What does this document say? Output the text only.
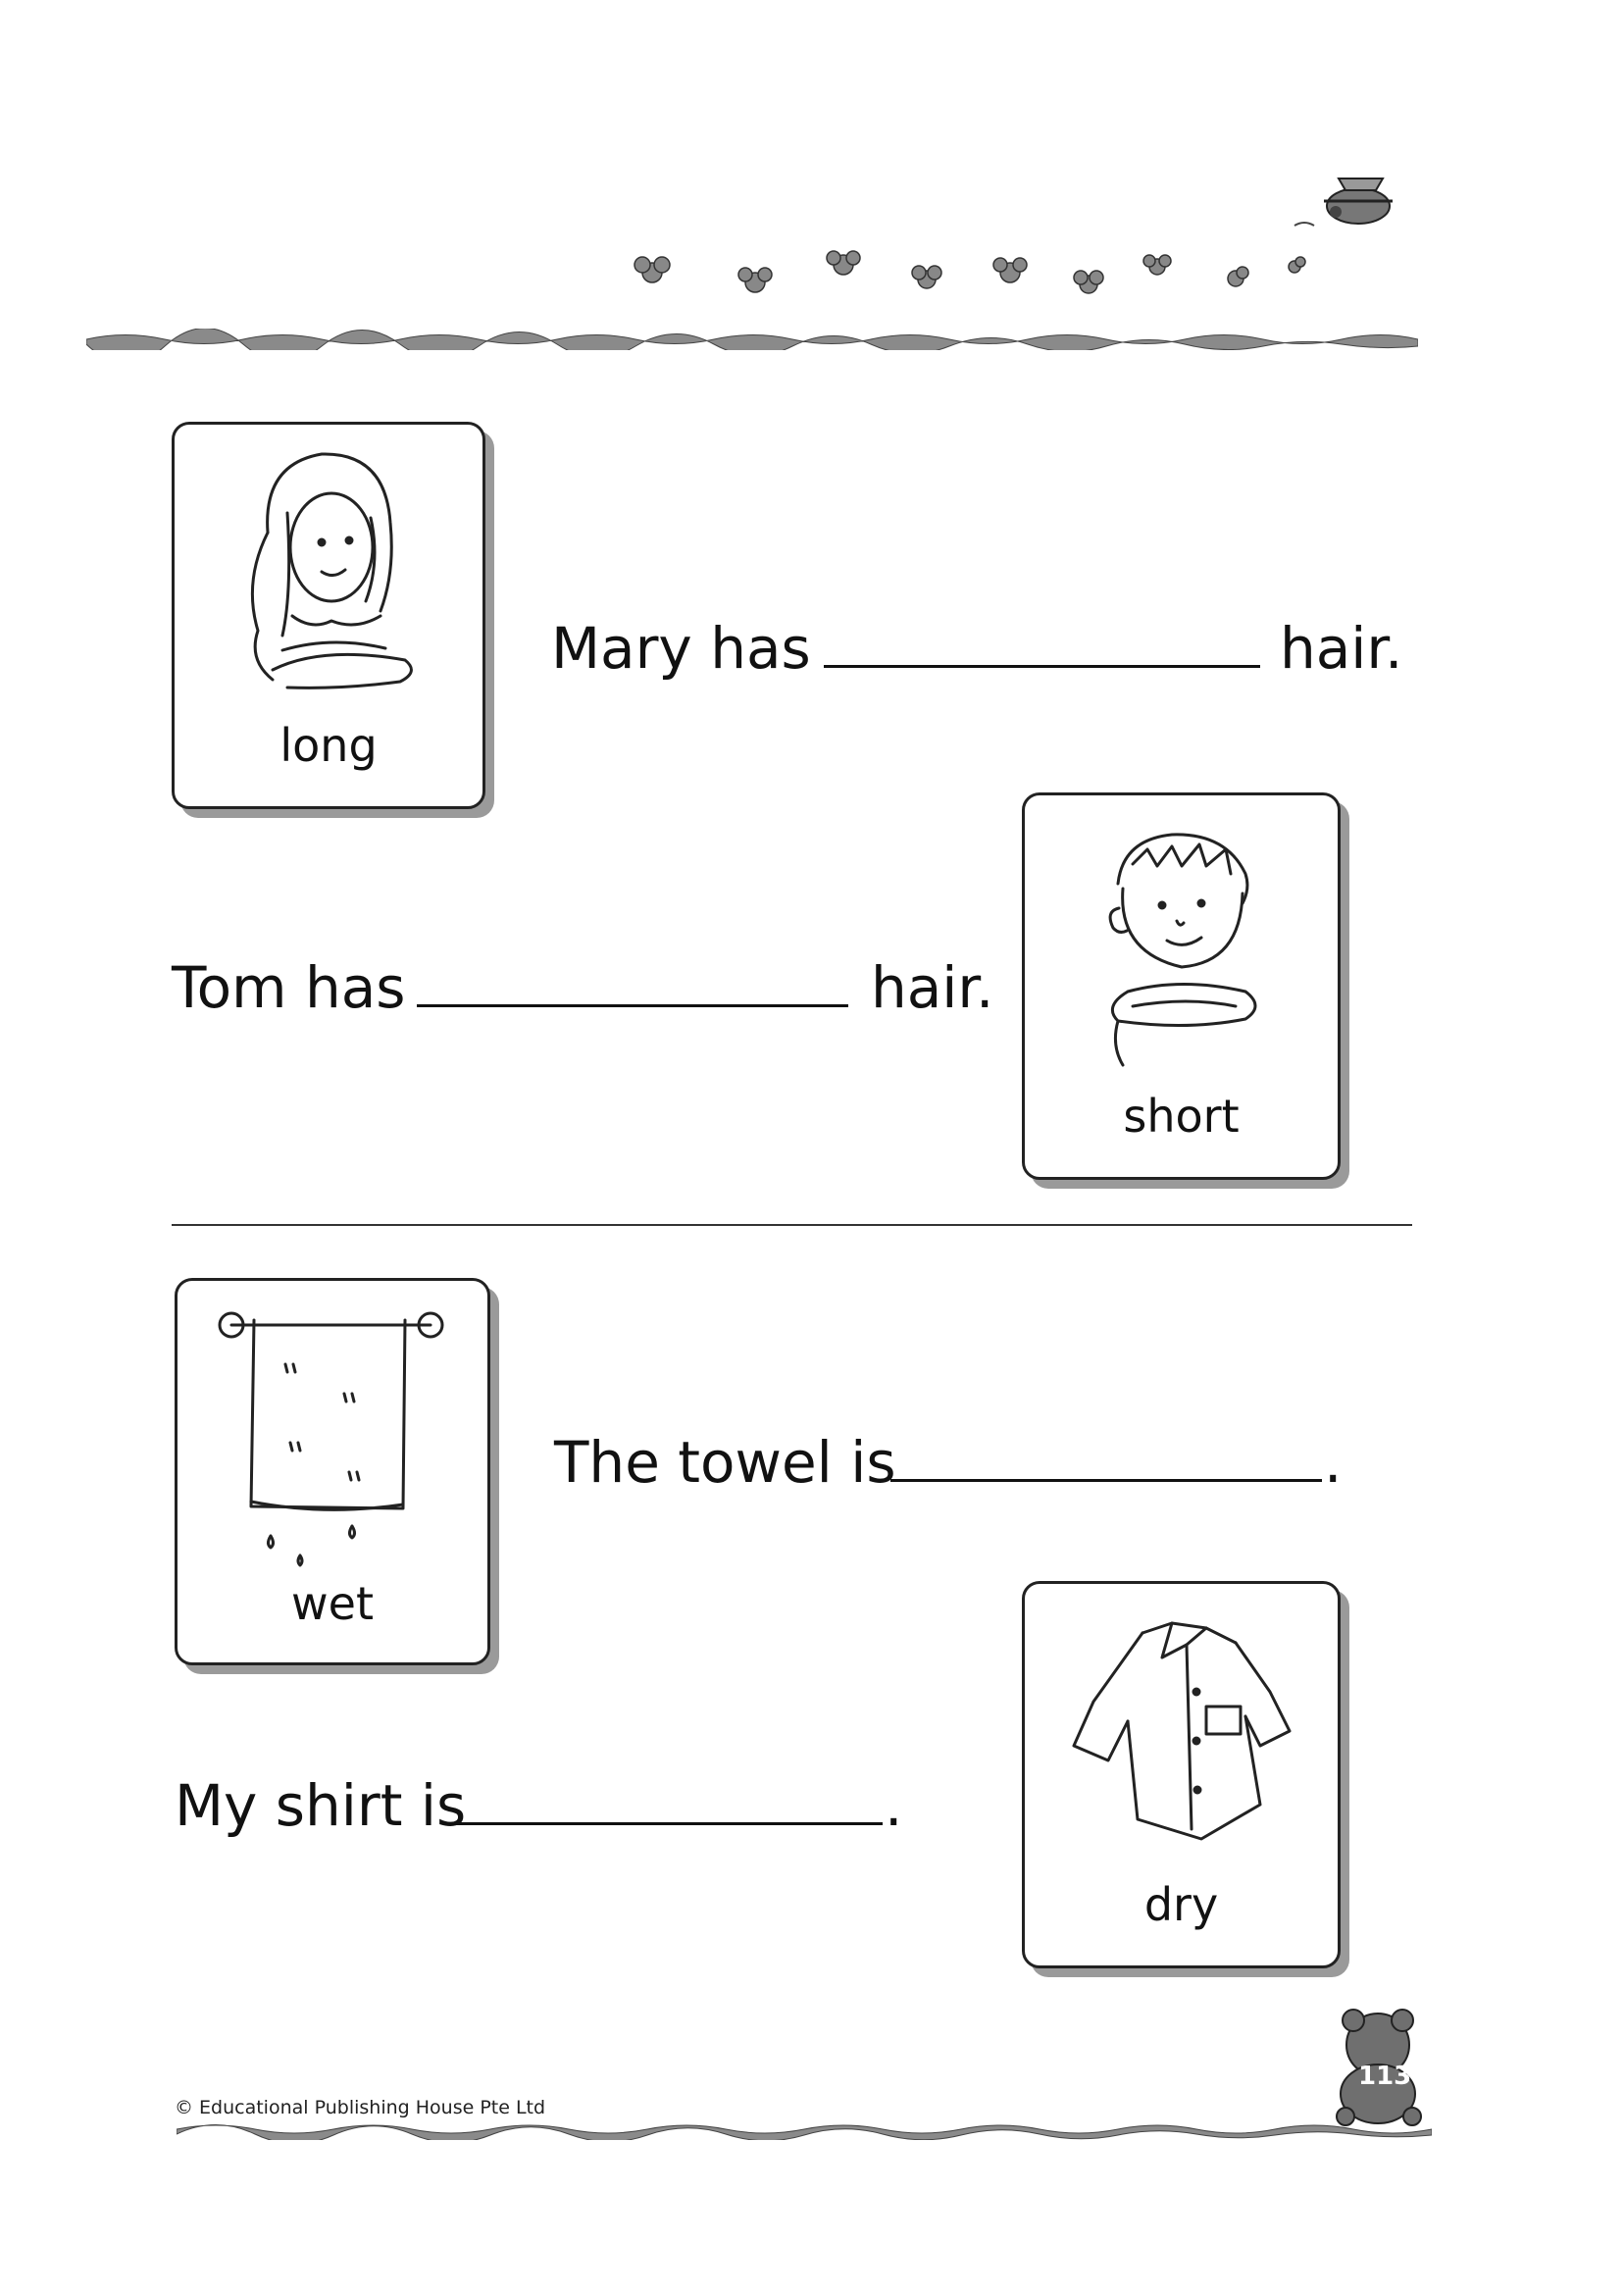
long
Mary has	hair.
Tom has	hair.
short
wet
The towel is	.
My shirt is	.
dry
© Educational Publishing House Pte Ltd
113
